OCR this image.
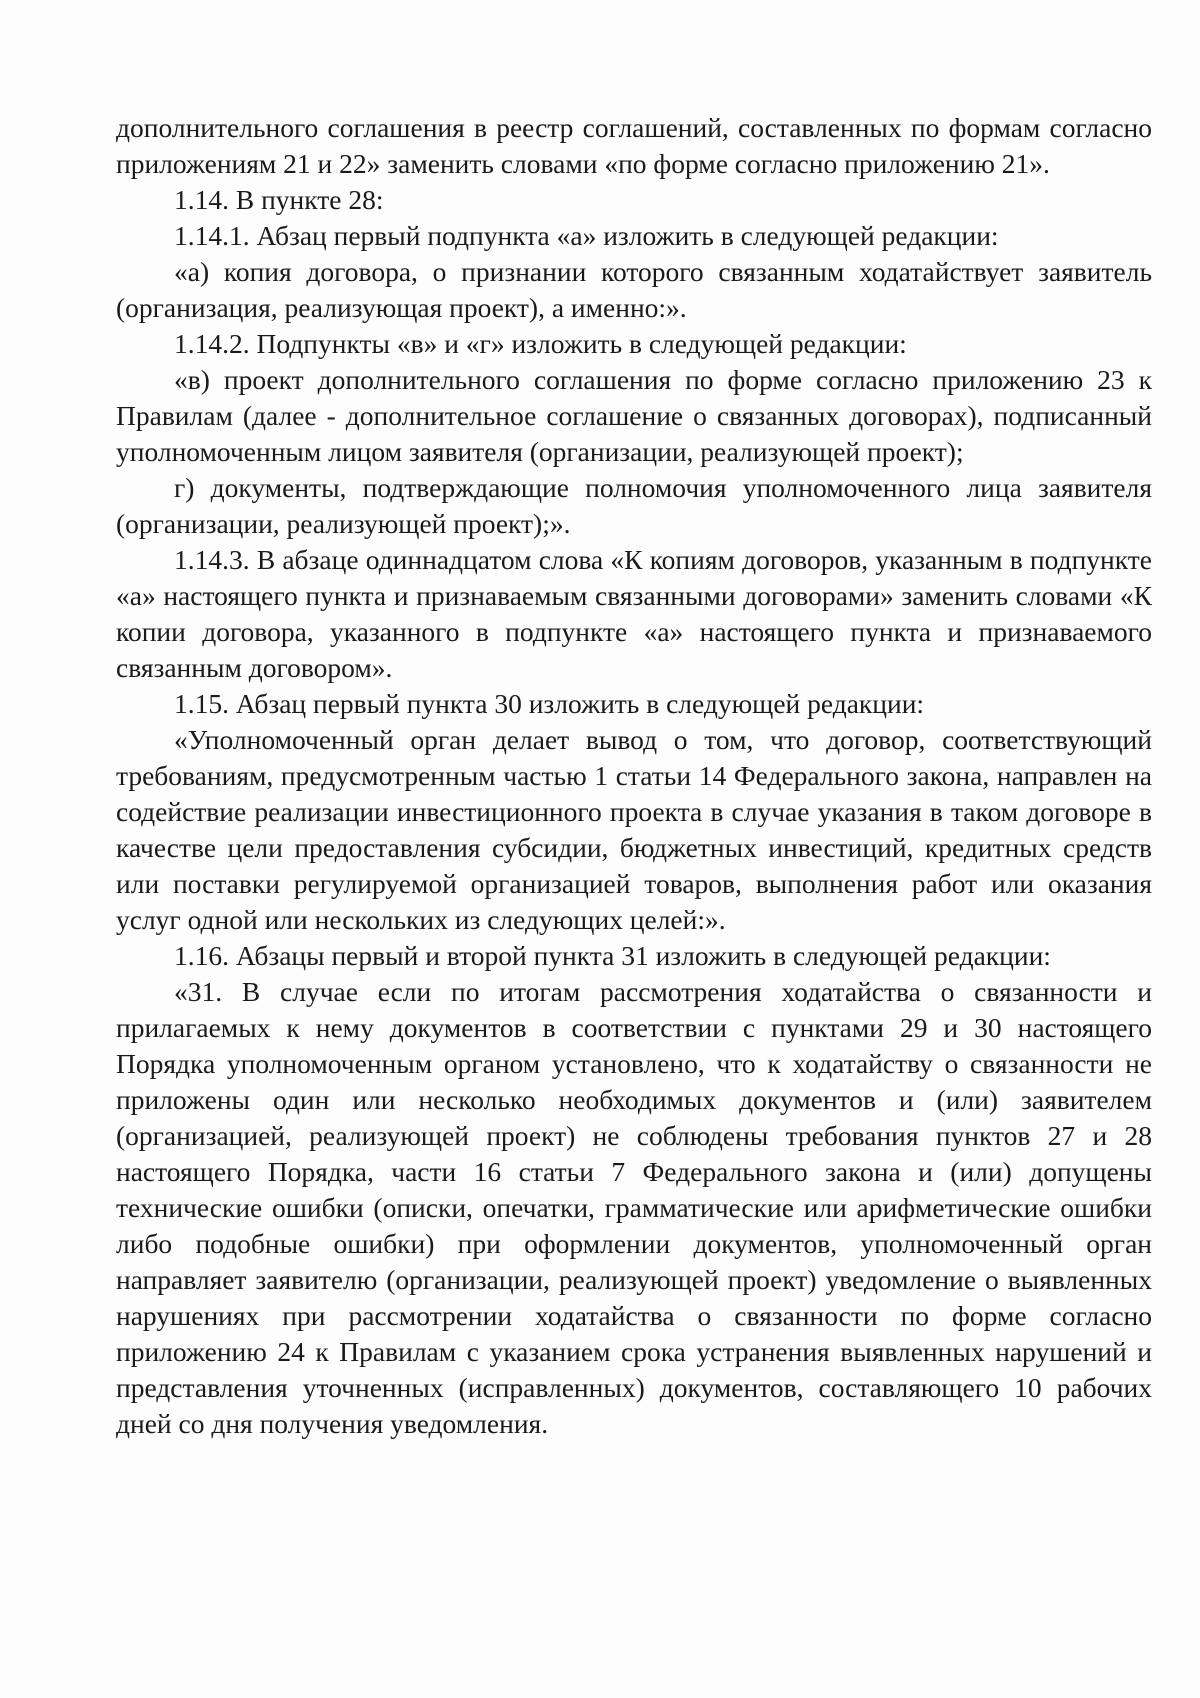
дополнительного соглашения в реестр соглашений, составленных по формам согласно приложениям 21 и 22» заменить словами «по форме согласно приложению 21».

1.14. В пункте 28:

1.14.1. Абзац первый подпункта «а» изложить в следующей редакции:

«а) копия договора, о признании которого связанным ходатайствует заявитель (организация, реализующая проект), а именно:».

1.14.2. Подпункты «в» и «г» изложить в следующей редакции:

«в) проект дополнительного соглашения по форме согласно приложению 23 к Правилам (далее - дополнительное соглашение о связанных договорах), подписанный уполномоченным лицом заявителя (организации, реализующей проект);

г) документы, подтверждающие полномочия уполномоченного лица заявителя (организации, реализующей проект);».

1.14.3. В абзаце одиннадцатом слова «К копиям договоров, указанным в подпункте «а» настоящего пункта и признаваемым связанными договорами» заменить словами «К копии договора, указанного в подпункте «а» настоящего пункта и признаваемого связанным договором».

1.15. Абзац первый пункта 30 изложить в следующей редакции:

«Уполномоченный орган делает вывод о том, что договор, соответствующий требованиям, предусмотренным частью 1 статьи 14 Федерального закона, направлен на содействие реализации инвестиционного проекта в случае указания в таком договоре в качестве цели предоставления субсидии, бюджетных инвестиций, кредитных средств или поставки регулируемой организацией товаров, выполнения работ или оказания услуг одной или нескольких из следующих целей:».

1.16. Абзацы первый и второй пункта 31 изложить в следующей редакции:

«31. В случае если по итогам рассмотрения ходатайства о связанности и прилагаемых к нему документов в соответствии с пунктами 29 и 30 настоящего Порядка уполномоченным органом установлено, что к ходатайству о связанности не приложены один или несколько необходимых документов и (или) заявителем (организацией, реализующей проект) не соблюдены требования пунктов 27 и 28 настоящего Порядка, части 16 статьи 7 Федерального закона и (или) допущены технические ошибки (описки, опечатки, грамматические или арифметические ошибки либо подобные ошибки) при оформлении документов, уполномоченный орган направляет заявителю (организации, реализующей проект) уведомление о выявленных нарушениях при рассмотрении ходатайства о связанности по форме согласно приложению 24 к Правилам с указанием срока устранения выявленных нарушений и представления уточненных (исправленных) документов, составляющего 10 рабочих дней со дня получения уведомления.
